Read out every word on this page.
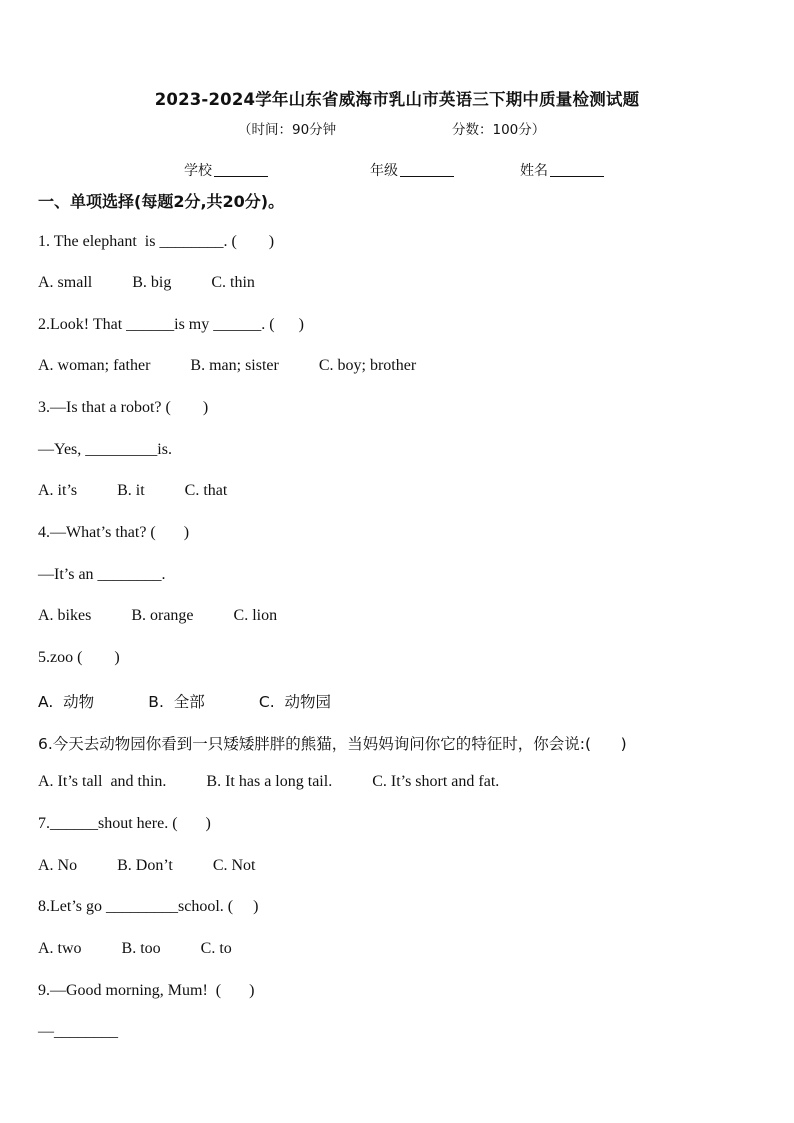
2023-2024学年山东省威海市乳山市英语三下期中质量检测试题
（时间：90分钟	分数：100分）
学校	年级	姓名
一、单项选择(每题2分,共20分)。
1. The elephant  is ________. (        )
A. small          B. big          C. thin
2.Look! That ______is my ______. (      )
A. woman; father          B. man; sister          C. boy; brother
3.—Is that a robot? (        )
—Yes, _________is.
A. it’s          B. it          C. that
4.—What’s that? (       )
—It’s an ________.
A. bikes          B. orange          C. lion
5.zoo (        )
A.  动物           B.  全部           C.  动物园
6.今天去动物园你看到一只矮矮胖胖的熊猫，当妈妈询问你它的特征时，你会说:(      )
A. It’s tall  and thin.          B. It has a long tail.          C. It’s short and fat.
7.______shout here. (       )
A. No          B. Don’t          C. Not
8.Let’s go _________school. (     )
A. two          B. too          C. to
9.—Good morning, Mum!  (       )
—________
